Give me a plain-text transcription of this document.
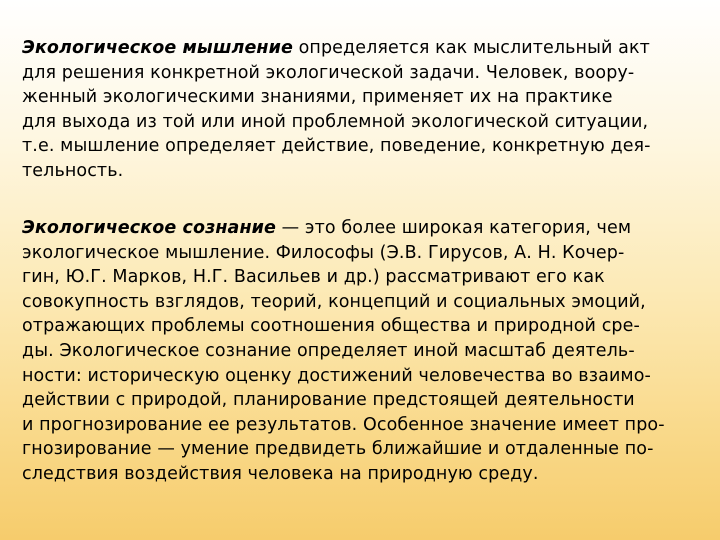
Экологическое мышление определяется как мыслительный акт
для решения конкретной экологической задачи. Человек, воору-
женный экологическими знаниями, применяет их на практике
для выхода из той или иной проблемной экологической ситуации,
т.е. мышление определяет действие, поведение, конкретную дея-
тельность.

Экологическое сознание — это более широкая категория, чем
экологическое мышление. Философы (Э.В. Гирусов, А. Н. Кочер-
гин, Ю.Г. Марков, Н.Г. Васильев и др.) рассматривают его как
совокупность взглядов, теорий, концепций и социальных эмоций,
отражающих проблемы соотношения общества и природной сре-
ды. Экологическое сознание определяет иной масштаб деятель-
ности: историческую оценку достижений человечества во взаимо-
действии с природой, планирование предстоящей деятельности
и прогнозирование ее результатов. Особенное значение имеет про-
гнозирование — умение предвидеть ближайшие и отдаленные по-
следствия воздействия человека на природную среду.
